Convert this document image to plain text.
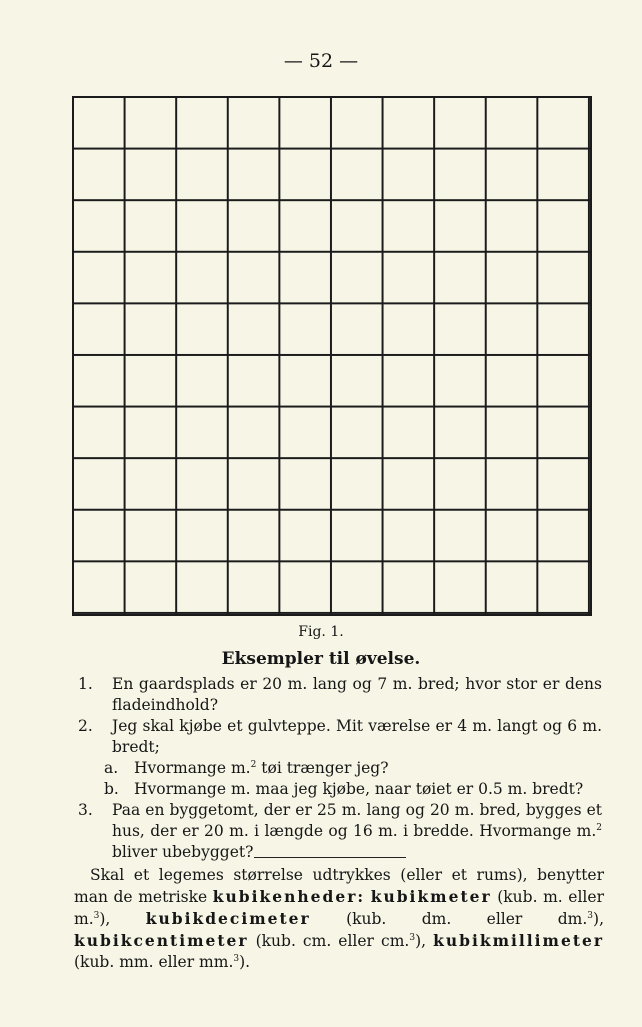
— 52 —
Fig. 1.
Eksempler til øvelse.
1. En gaardsplads er 20 m. lang og 7 m. bred; hvor stor er dens fladeindhold?
2. Jeg skal kjøbe et gulvteppe. Mit værelse er 4 m. langt og 6 m. bredt;
a. Hvormange m.$^2$ tøi trænger jeg?
b. Hvormange m. maa jeg kjøbe, naar tøiet er 0.5 m. bredt?
3. Paa en byggetomt, der er 25 m. lang og 20 m. bred, bygges et hus, der er 20 m. i længde og 16 m. i bredde. Hvormange m.$^2$ bliver ubebygget?
Skal et legemes størrelse udtrykkes (eller et rums), benytter man de metriske kubikenheder: kubikmeter (kub. m. eller m.$^3$), kubikdecimeter (kub. dm. eller dm.$^3$), kubikcentimeter (kub. cm. eller cm.$^3$), kubikmillimeter (kub. mm. eller mm.$^3$).
